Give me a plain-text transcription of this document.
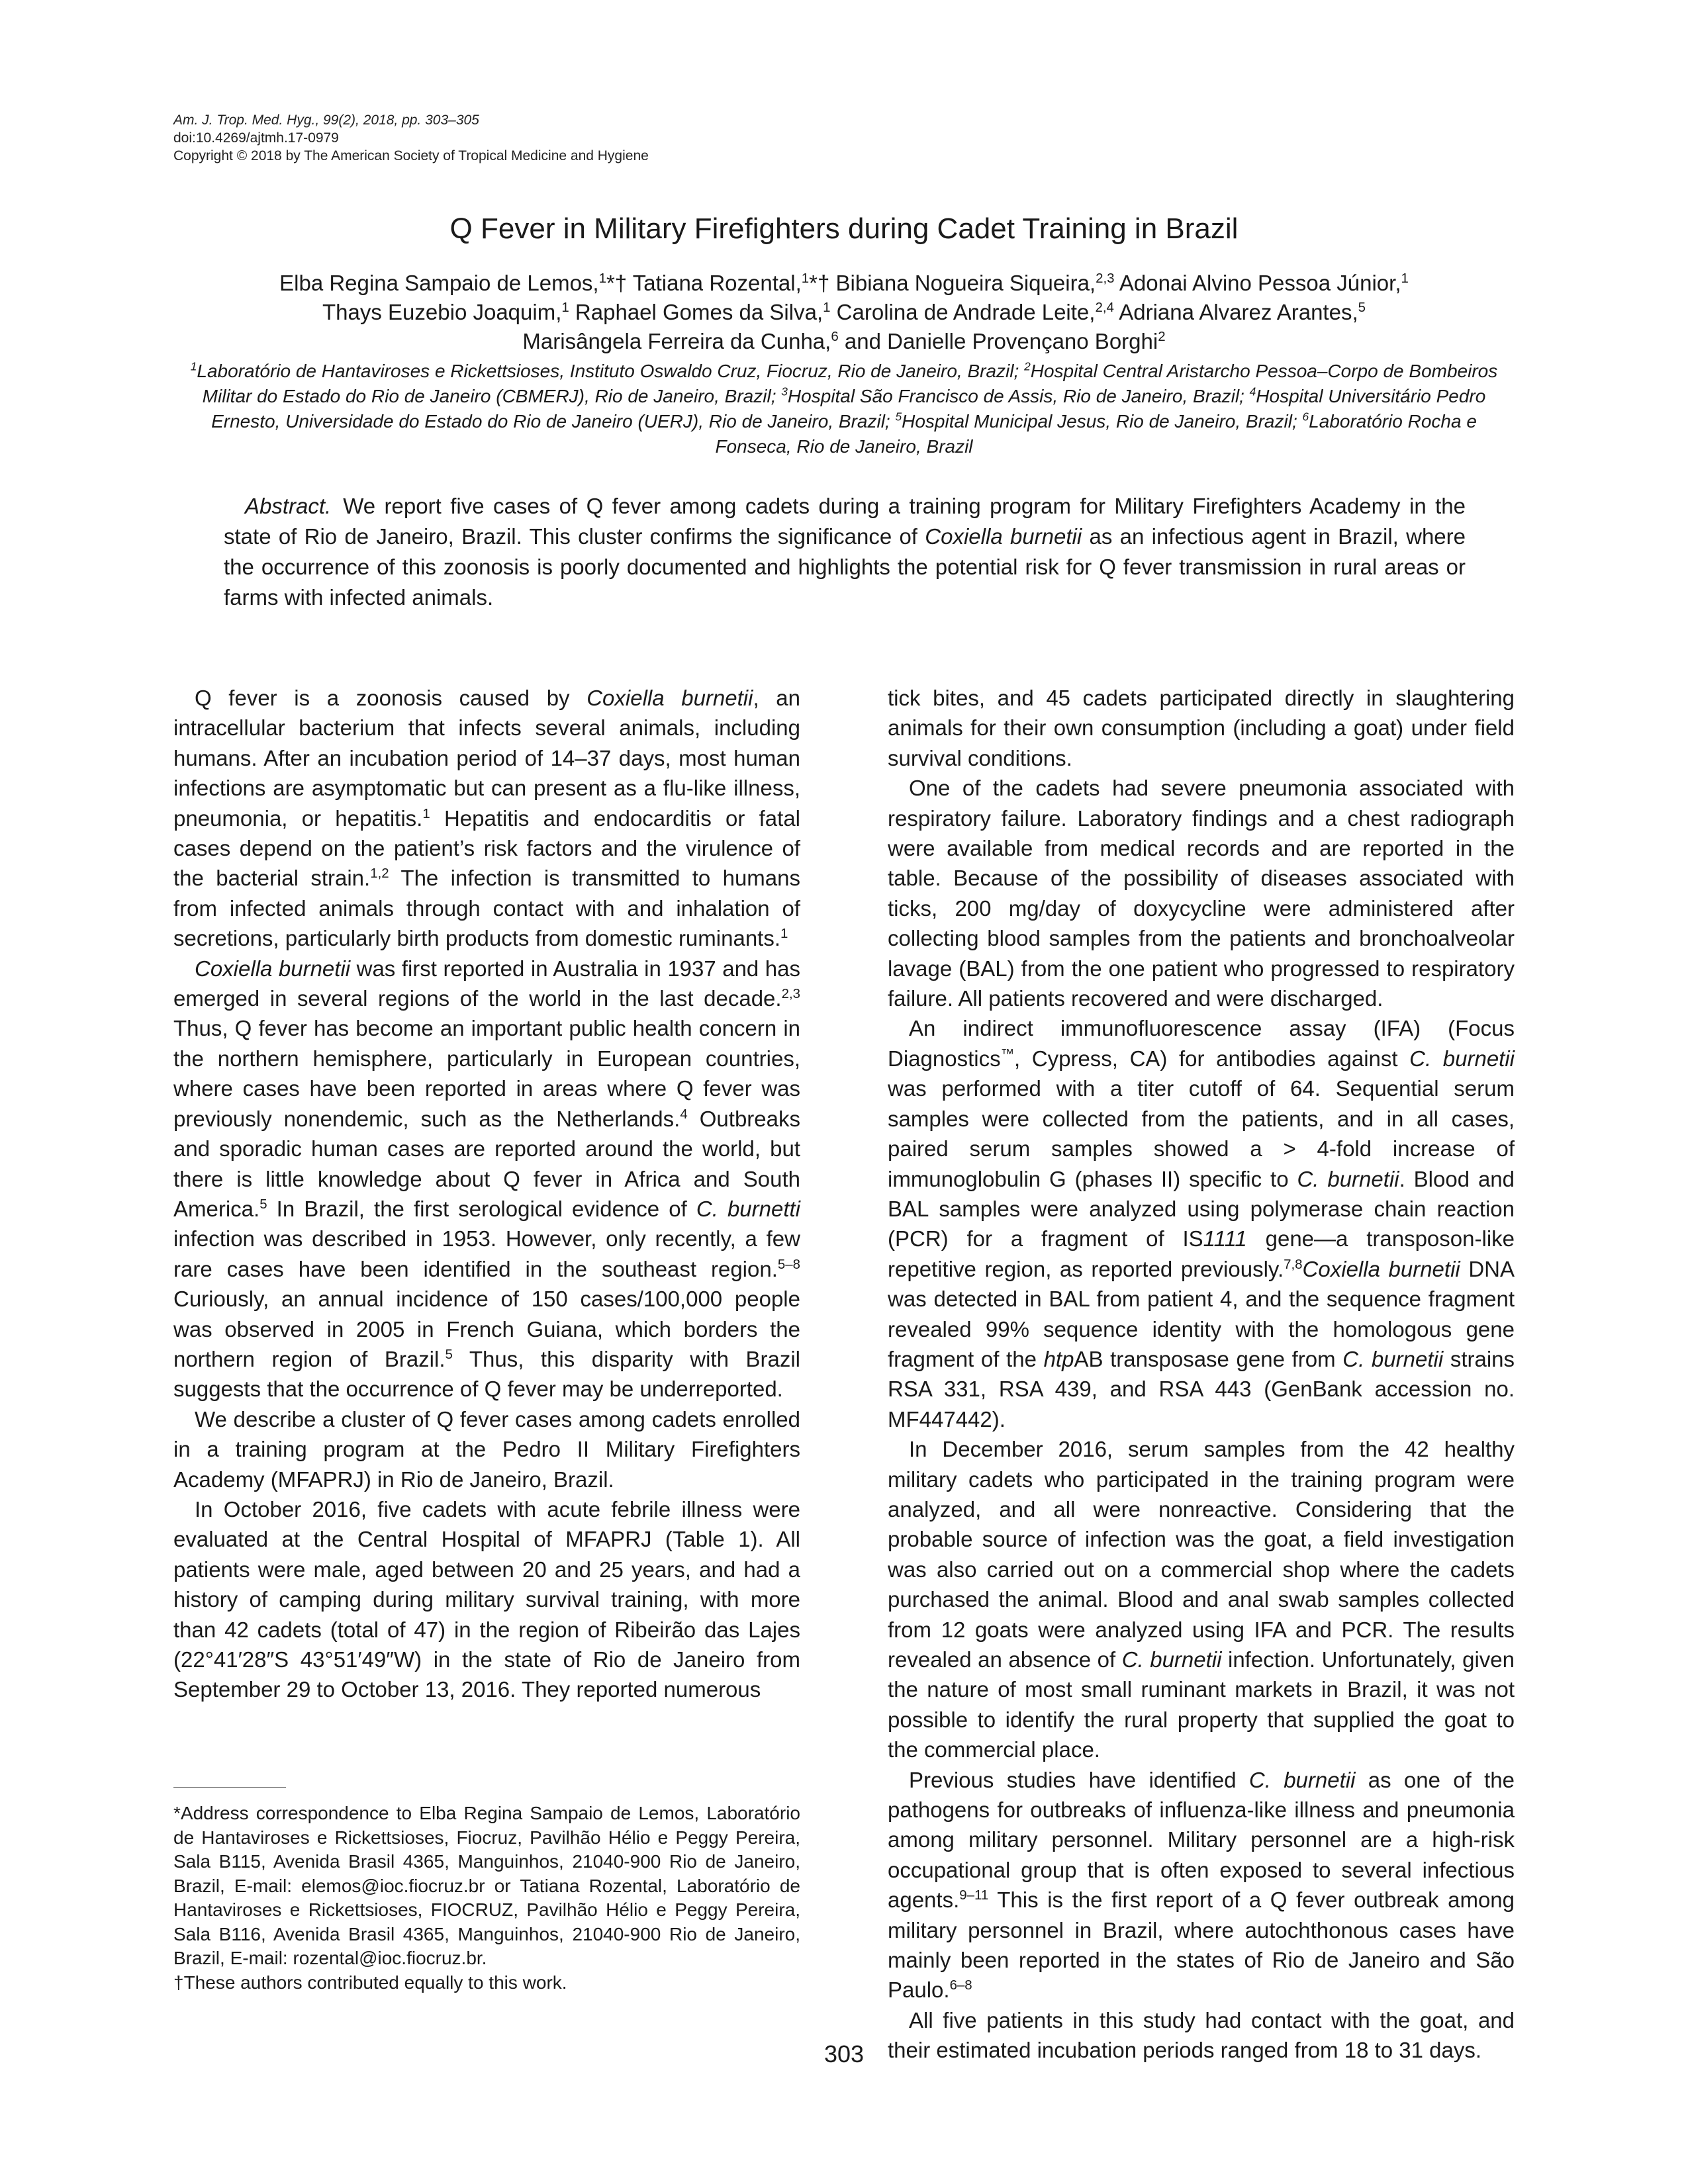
Am. J. Trop. Med. Hyg., 99(2), 2018, pp. 303–305
doi:10.4269/ajtmh.17-0979
Copyright © 2018 by The American Society of Tropical Medicine and Hygiene
Q Fever in Military Firefighters during Cadet Training in Brazil
Elba Regina Sampaio de Lemos,$^1$*† Tatiana Rozental,$^1$*† Bibiana Nogueira Siqueira,$^{2,3}$ Adonai Alvino Pessoa Júnior,$^1$
Thays Euzebio Joaquim,$^1$ Raphael Gomes da Silva,$^1$ Carolina de Andrade Leite,$^{2,4}$ Adriana Alvarez Arantes,$^5$
Marisângela Ferreira da Cunha,$^6$ and Danielle Provençano Borghi$^2$
$^1$Laboratório de Hantaviroses e Rickettsioses, Instituto Oswaldo Cruz, Fiocruz, Rio de Janeiro, Brazil; $^2$Hospital Central Aristarcho Pessoa–Corpo de Bombeiros Militar do Estado do Rio de Janeiro (CBMERJ), Rio de Janeiro, Brazil; $^3$Hospital São Francisco de Assis, Rio de Janeiro, Brazil; $^4$Hospital Universitário Pedro Ernesto, Universidade do Estado do Rio de Janeiro (UERJ), Rio de Janeiro, Brazil; $^5$Hospital Municipal Jesus, Rio de Janeiro, Brazil; $^6$Laboratório Rocha e Fonseca, Rio de Janeiro, Brazil
Abstract. We report five cases of Q fever among cadets during a training program for Military Firefighters Academy in the state of Rio de Janeiro, Brazil. This cluster confirms the significance of Coxiella burnetii as an infectious agent in Brazil, where the occurrence of this zoonosis is poorly documented and highlights the potential risk for Q fever transmission in rural areas or farms with infected animals.

Q fever is a zoonosis caused by Coxiella burnetii, an intracellular bacterium that infects several animals, including humans. After an incubation period of 14–37 days, most human infections are asymptomatic but can present as a flu-like illness, pneumonia, or hepatitis.$^1$ Hepatitis and endocarditis or fatal cases depend on the patient’s risk factors and the virulence of the bacterial strain.$^{1,2}$ The infection is transmitted to humans from infected animals through contact with and inhalation of secretions, particularly birth products from domestic ruminants.$^1$

Coxiella burnetii was first reported in Australia in 1937 and has emerged in several regions of the world in the last decade.$^{2,3}$ Thus, Q fever has become an important public health concern in the northern hemisphere, particularly in European countries, where cases have been reported in areas where Q fever was previously nonendemic, such as the Netherlands.$^4$ Outbreaks and sporadic human cases are reported around the world, but there is little knowledge about Q fever in Africa and South America.$^5$ In Brazil, the first serological evidence of C. burnetti infection was described in 1953. However, only recently, a few rare cases have been identified in the southeast region.$^{5-8}$ Curiously, an annual incidence of 150 cases/100,000 people was observed in 2005 in French Guiana, which borders the northern region of Brazil.$^5$ Thus, this disparity with Brazil suggests that the occurrence of Q fever may be underreported.

We describe a cluster of Q fever cases among cadets enrolled in a training program at the Pedro II Military Firefighters Academy (MFAPRJ) in Rio de Janeiro, Brazil.

In October 2016, five cadets with acute febrile illness were evaluated at the Central Hospital of MFAPRJ (Table 1). All patients were male, aged between 20 and 25 years, and had a history of camping during military survival training, with more than 42 cadets (total of 47) in the region of Ribeirão das Lajes (22°41′28″S 43°51′49″W) in the state of Rio de Janeiro from September 29 to October 13, 2016. They reported numerous

*Address correspondence to Elba Regina Sampaio de Lemos, Laboratório de Hantaviroses e Rickettsioses, Fiocruz, Pavilhão Hélio e Peggy Pereira, Sala B115, Avenida Brasil 4365, Manguinhos, 21040-900 Rio de Janeiro, Brazil, E-mail: elemos@ioc.fiocruz.br or Tatiana Rozental, Laboratório de Hantaviroses e Rickettsioses, FIOCRUZ, Pavilhão Hélio e Peggy Pereira, Sala B116, Avenida Brasil 4365, Manguinhos, 21040-900 Rio de Janeiro, Brazil, E-mail: rozental@ioc.fiocruz.br.

†These authors contributed equally to this work.

tick bites, and 45 cadets participated directly in slaughtering animals for their own consumption (including a goat) under field survival conditions.

One of the cadets had severe pneumonia associated with respiratory failure. Laboratory findings and a chest radiograph were available from medical records and are reported in the table. Because of the possibility of diseases associated with ticks, 200 mg/day of doxycycline were administered after collecting blood samples from the patients and bronchoalveolar lavage (BAL) from the one patient who progressed to respiratory failure. All patients recovered and were discharged.

An indirect immunofluorescence assay (IFA) (Focus Diagnostics™, Cypress, CA) for antibodies against C. burnetii was performed with a titer cutoff of 64. Sequential serum samples were collected from the patients, and in all cases, paired serum samples showed a > 4-fold increase of immunoglobulin G (phases II) specific to C. burnetii. Blood and BAL samples were analyzed using polymerase chain reaction (PCR) for a fragment of IS1111 gene—a transposon-like repetitive region, as reported previously.$^{7,8}$Coxiella burnetii DNA was detected in BAL from patient 4, and the sequence fragment revealed 99% sequence identity with the homologous gene fragment of the htpAB transposase gene from C. burnetii strains RSA 331, RSA 439, and RSA 443 (GenBank accession no. MF447442).

In December 2016, serum samples from the 42 healthy military cadets who participated in the training program were analyzed, and all were nonreactive. Considering that the probable source of infection was the goat, a field investigation was also carried out on a commercial shop where the cadets purchased the animal. Blood and anal swab samples collected from 12 goats were analyzed using IFA and PCR. The results revealed an absence of C. burnetii infection. Unfortunately, given the nature of most small ruminant markets in Brazil, it was not possible to identify the rural property that supplied the goat to the commercial place.

Previous studies have identified C. burnetii as one of the pathogens for outbreaks of influenza-like illness and pneumonia among military personnel. Military personnel are a high-risk occupational group that is often exposed to several infectious agents.$^{9-11}$ This is the first report of a Q fever outbreak among military personnel in Brazil, where autochthonous cases have mainly been reported in the states of Rio de Janeiro and São Paulo.$^{6-8}$

All five patients in this study had contact with the goat, and their estimated incubation periods ranged from 18 to 31 days.

303
